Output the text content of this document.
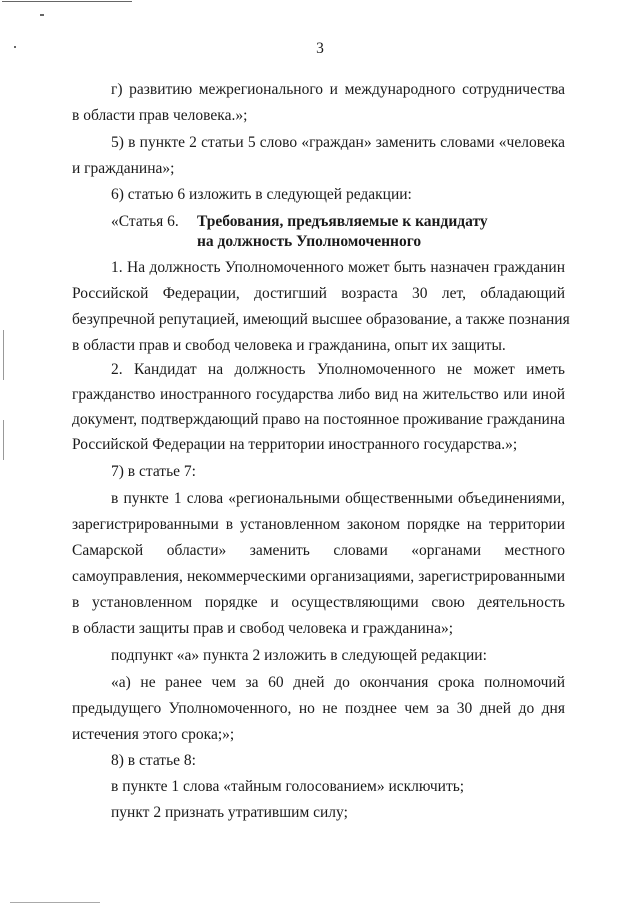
3
г) развитию межрегионального и международного сотрудничества
в области прав человека.»;
5) в пункте 2 статьи 5 слово «граждан» заменить словами «человека
и гражданина»;
6) статью 6 изложить в следующей редакции:
«Статья 6. Требования, предъявляемые к кандидату
на должность Уполномоченного
1. На должность Уполномоченного может быть назначен гражданин
Российской Федерации, достигший возраста 30 лет, обладающий
безупречной репутацией, имеющий высшее образование, а также познания
в области прав и свобод человека и гражданина, опыт их защиты.
2. Кандидат на должность Уполномоченного не может иметь
гражданство иностранного государства либо вид на жительство или иной
документ, подтверждающий право на постоянное проживание гражданина
Российской Федерации на территории иностранного государства.»;
7) в статье 7:
в пункте 1 слова «региональными общественными объединениями,
зарегистрированными в установленном законом порядке на территории
Самарской области» заменить словами «органами местного
самоуправления, некоммерческими организациями, зарегистрированными
в установленном порядке и осуществляющими свою деятельность
в области защиты прав и свобод человека и гражданина»;
подпункт «а» пункта 2 изложить в следующей редакции:
«а) не ранее чем за 60 дней до окончания срока полномочий
предыдущего Уполномоченного, но не позднее чем за 30 дней до дня
истечения этого срока;»;
8) в статье 8:
в пункте 1 слова «тайным голосованием» исключить;
пункт 2 признать утратившим силу;
